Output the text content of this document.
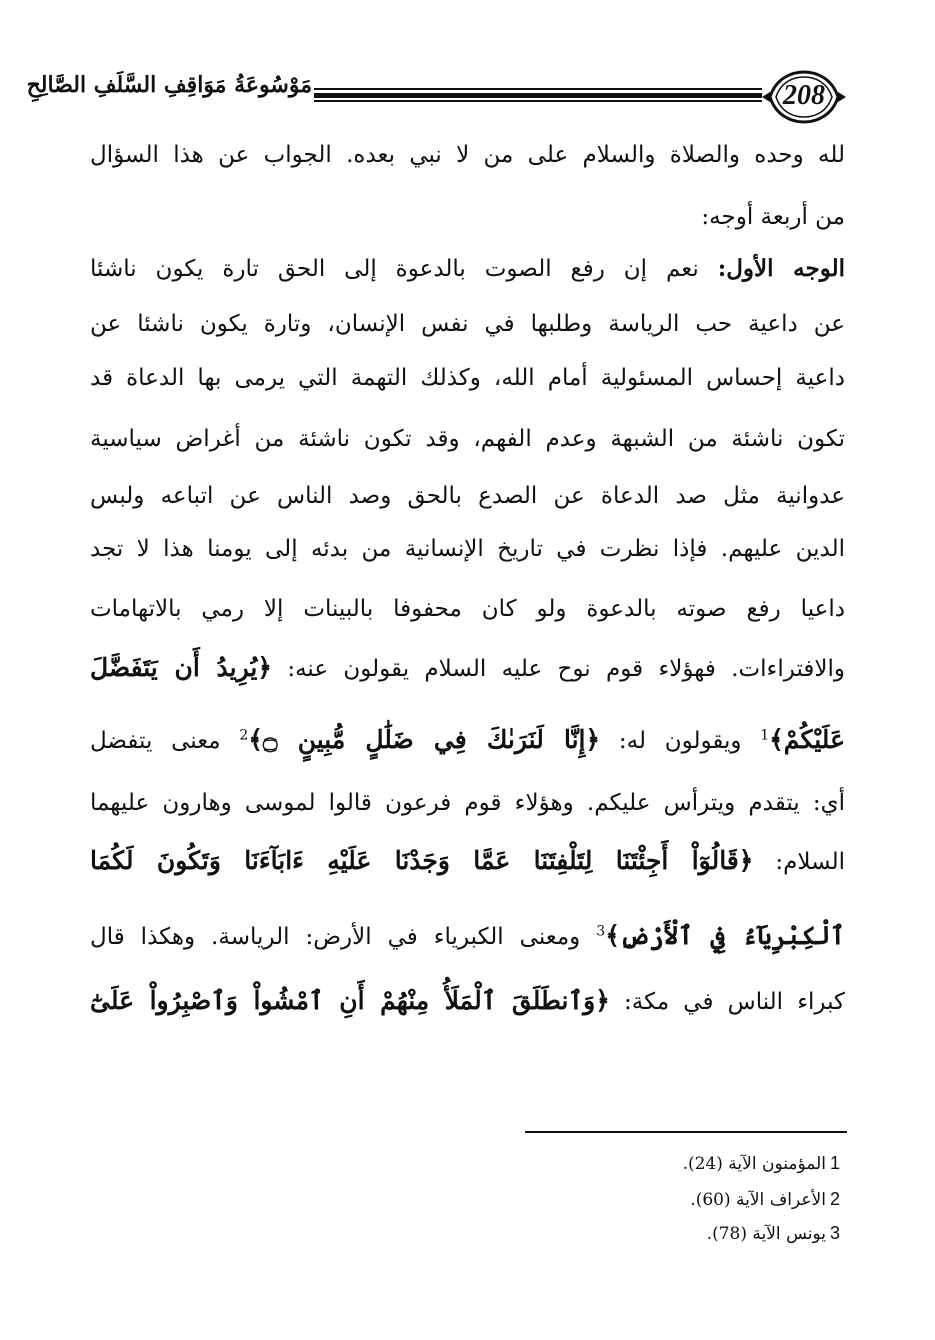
208
مَوْسُوعَةُ مَوَاقِفِ السَّلَفِ الصَّالِحِ
لله وحده والصلاة والسلام على من لا نبي بعده. الجواب عن هذا السؤال
من أربعة أوجه:
الوجه الأول: نعم إن رفع الصوت بالدعوة إلى الحق تارة يكون ناشئا
عن داعية حب الرياسة وطلبها في نفس الإنسان، وتارة يكون ناشئا عن
داعية إحساس المسئولية أمام الله، وكذلك التهمة التي يرمى بها الدعاة قد
تكون ناشئة من الشبهة وعدم الفهم، وقد تكون ناشئة من أغراض سياسية
عدوانية مثل صد الدعاة عن الصدع بالحق وصد الناس عن اتباعه ولبس
الدين عليهم. فإذا نظرت في تاريخ الإنسانية من بدئه إلى يومنا هذا لا تجد
داعيا رفع صوته بالدعوة ولو كان محفوفا بالبينات إلا رمي بالاتهامات
والافتراءات. فهؤلاء قوم نوح عليه السلام يقولون عنه: ﴿يُرِيدُ أَن يَتَفَضَّلَ
عَلَيْكُمْ﴾$^1$ ويقولون له: ﴿إِنَّا لَنَرَىٰكَ فِي ضَلَٰلٍ مُّبِينٍ ۝﴾$^2$ معنى يتفضل
أي: يتقدم ويترأس عليكم. وهؤلاء قوم فرعون قالوا لموسى وهارون عليهما
السلام: ﴿قَالُوٓاْ أَجِئْتَنَا لِتَلْفِتَنَا عَمَّا وَجَدْنَا عَلَيْهِ ءَابَآءَنَا وَتَكُونَ لَكُمَا
ٱلْكِبْرِيَآءُ فِي ٱلْأَرْضِ﴾$^3$ ومعنى الكبرياء في الأرض: الرياسة. وهكذا قال
كبراء الناس في مكة: ﴿وَٱنطَلَقَ ٱلْمَلَأُ مِنْهُمْ أَنِ ٱمْشُواْ وَٱصْبِرُواْ عَلَىٰٓ
1المؤمنون الآية (24).
2الأعراف الآية (60).
3يونس الآية (78).
